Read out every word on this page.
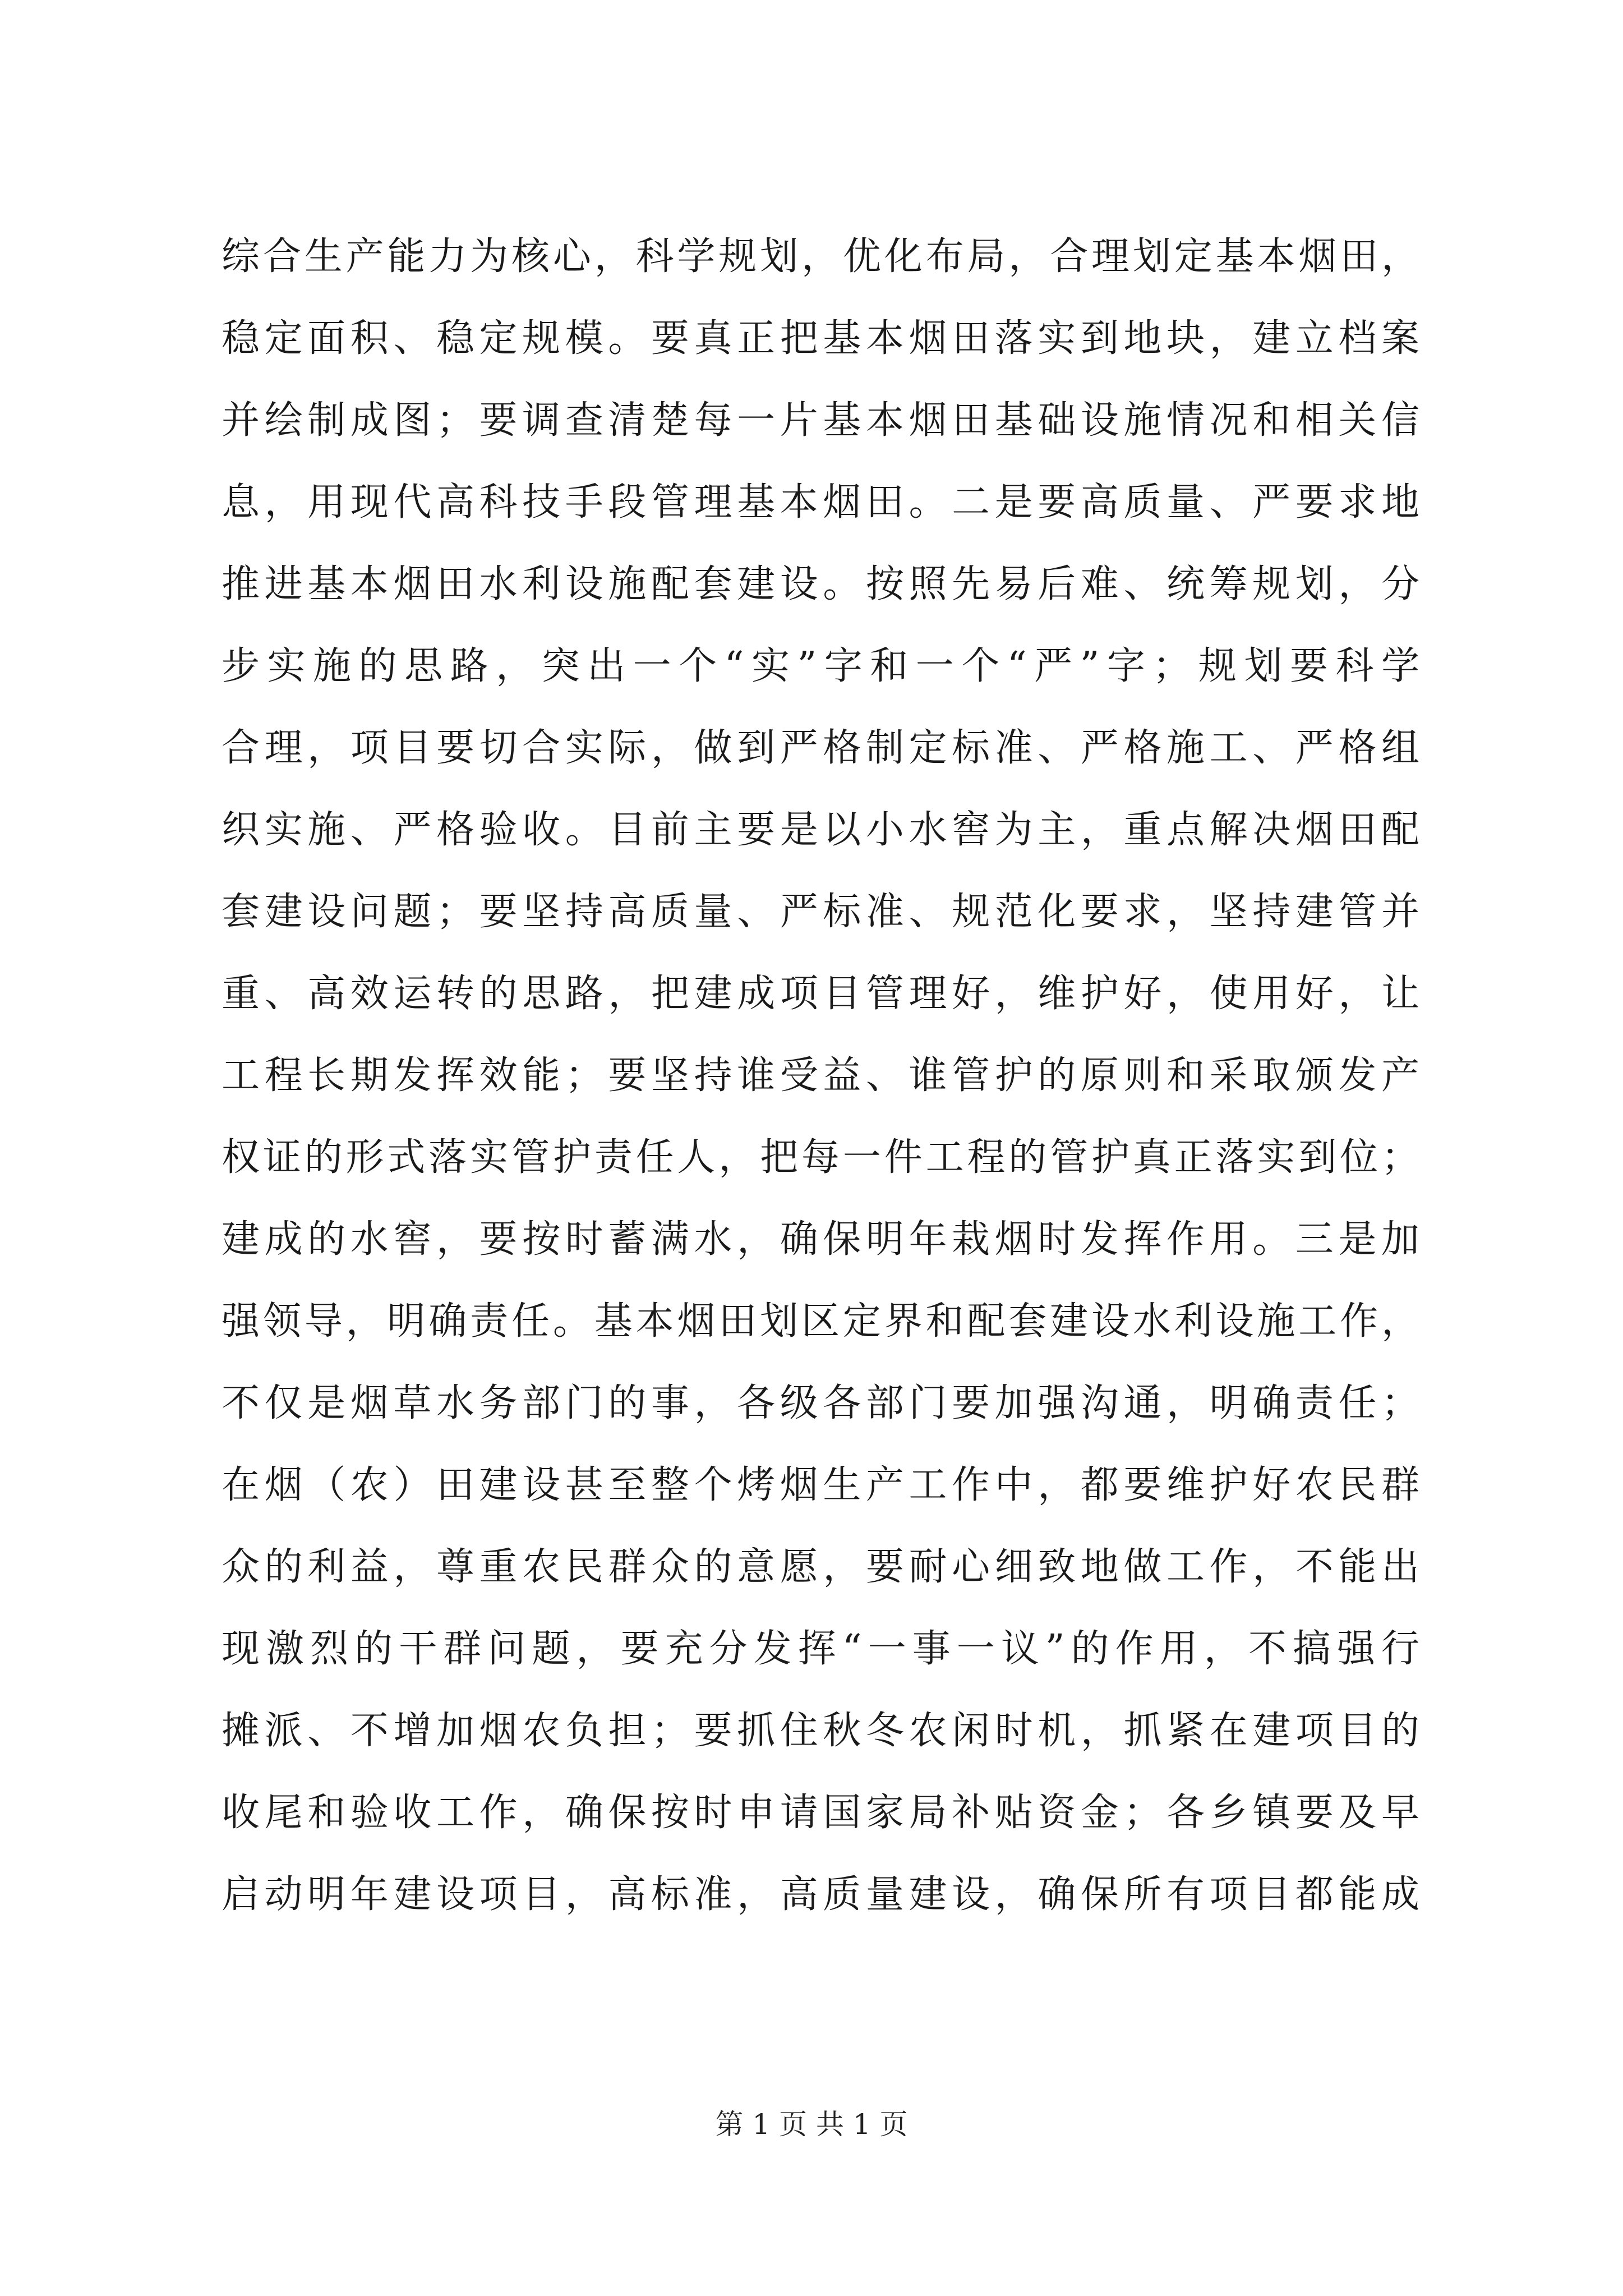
综合生产能力为核心，科学规划，优化布局，合理划定基本烟田，
稳定面积、稳定规模。要真正把基本烟田落实到地块，建立档案
并绘制成图；要调查清楚每一片基本烟田基础设施情况和相关信
息，用现代高科技手段管理基本烟田。二是要高质量、严要求地
推进基本烟田水利设施配套建设。按照先易后难、统筹规划，分
步实施的思路，突出一个“实”字和一个“严”字；规划要科学
合理，项目要切合实际，做到严格制定标准、严格施工、严格组
织实施、严格验收。目前主要是以小水窖为主，重点解决烟田配
套建设问题；要坚持高质量、严标准、规范化要求，坚持建管并
重、高效运转的思路，把建成项目管理好，维护好，使用好，让
工程长期发挥效能；要坚持谁受益、谁管护的原则和采取颁发产
权证的形式落实管护责任人，把每一件工程的管护真正落实到位；
建成的水窖，要按时蓄满水，确保明年栽烟时发挥作用。三是加
强领导，明确责任。基本烟田划区定界和配套建设水利设施工作，
不仅是烟草水务部门的事，各级各部门要加强沟通，明确责任；
在烟（农）田建设甚至整个烤烟生产工作中，都要维护好农民群
众的利益，尊重农民群众的意愿，要耐心细致地做工作，不能出
现激烈的干群问题，要充分发挥“一事一议”的作用，不搞强行
摊派、不增加烟农负担；要抓住秋冬农闲时机，抓紧在建项目的
收尾和验收工作，确保按时申请国家局补贴资金；各乡镇要及早
启动明年建设项目，高标准，高质量建设，确保所有项目都能成
第 1 页 共 1 页
